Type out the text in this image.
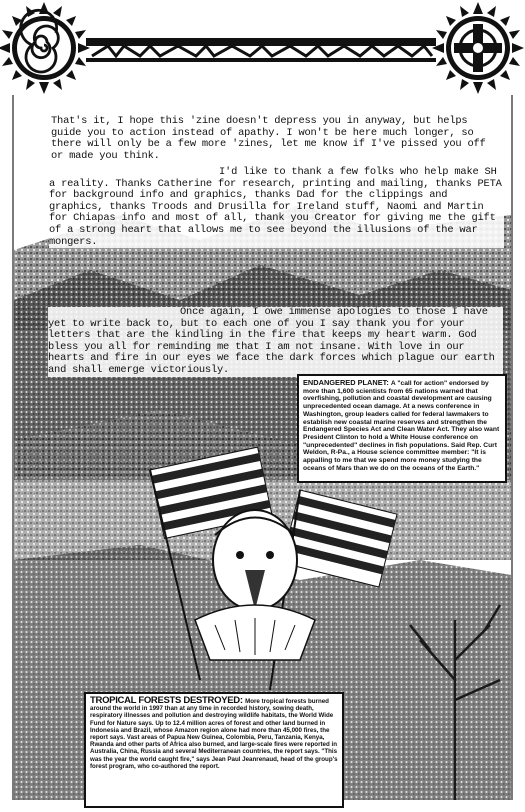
That's it, I hope this 'zine doesn't depress you in anyway, but helps guide you to action instead of apathy. I won't be here much longer, so there will only be a few more 'zines, let me know if I've pissed you off or made you think.

I'd like to thank a few folks who help make SH a reality. Thanks Catherine for research, printing and mailing, thanks PETA for background info and graphics, thanks Dad for the clippings and graphics, thanks Troods and Drusilla for Ireland stuff, Naomi and Martin for Chiapas info and most of all, thank you Creator for giving me the gift of a strong heart that allows me to see beyond the illusions of the war mongers.

Once again, I owe immense apologies to those I have yet to write back to, but to each one of you I say thank you for your letters that are the kindling in the fire that keeps my heart warm. God bless you all for reminding me that I am not insane. With love in our hearts and fire in our eyes we face the dark forces which plague our earth and shall emerge victoriously.

ENDANGERED PLANET: A "call for action" endorsed by more than 1,600 scientists from 65 nations warned that overfishing, pollution and coastal development are causing unprecedented ocean damage. At a news conference in Washington, group leaders called for federal lawmakers to establish new coastal marine reserves and strengthen the Endangered Species Act and Clean Water Act. They also want President Clinton to hold a White House conference on "unprecedented" declines in fish populations. Said Rep. Curt Weldon, R-Pa., a House science committee member: "It is appalling to me that we spend more money studying the oceans of Mars than we do on the oceans of the Earth."
TROPICAL FORESTS DESTROYED: More tropical forests burned around the world in 1997 than at any time in recorded history, sowing death, respiratory illnesses and pollution and destroying wildlife habitats, the World Wide Fund for Nature says. Up to 12.4 million acres of forest and other land burned in Indonesia and Brazil, whose Amazon region alone had more than 45,000 fires, the report says. Vast areas of Papua New Guinea, Colombia, Peru, Tanzania, Kenya, Rwanda and other parts of Africa also burned, and large-scale fires were reported in Australia, China, Russia and several Mediterranean countries, the report says. "This was the year the world caught fire," says Jean Paul Jeanrenaud, head of the group's forest program, who co-authored the report.
